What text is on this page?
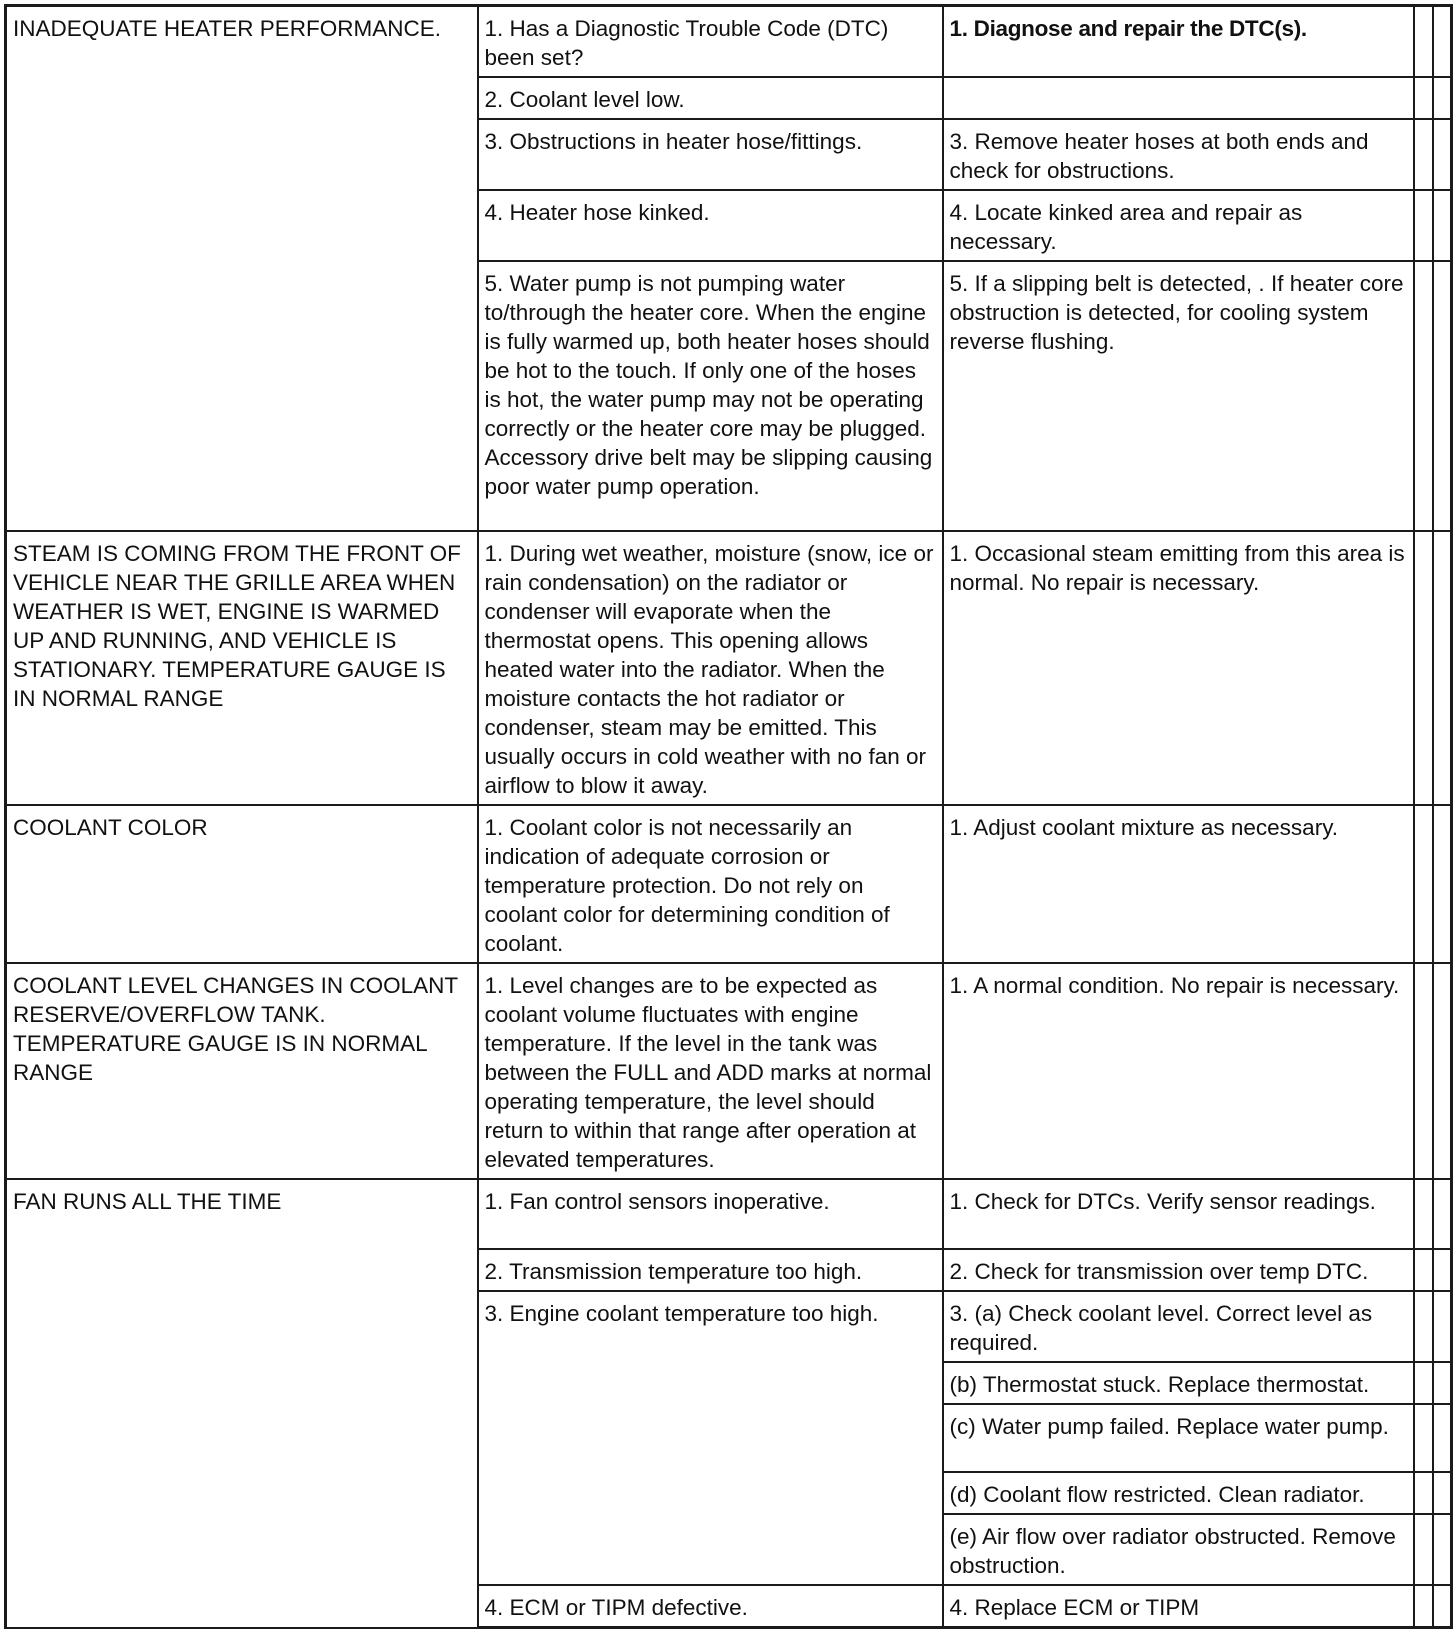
INADEQUATE HEATER PERFORMANCE.	1. Has a Diagnostic Trouble Code (DTC) been set?	1. Diagnose and repair the DTC(s).		
	2. Coolant level low.			
	3. Obstructions in heater hose/fittings.	3. Remove heater hoses at both ends and check for obstructions.		
	4. Heater hose kinked.	4. Locate kinked area and repair as necessary.		
	5. Water pump is not pumping water to/through the heater core. When the engine is fully warmed up, both heater hoses should be hot to the touch. If only one of the hoses is hot, the water pump may not be operating correctly or the heater core may be plugged. Accessory drive belt may be slipping causing poor water pump operation.	5. If a slipping belt is detected, . If heater core obstruction is detected, for cooling system reverse flushing.		
STEAM IS COMING FROM THE FRONT OF VEHICLE NEAR THE GRILLE AREA WHEN WEATHER IS WET, ENGINE IS WARMED UP AND RUNNING, AND VEHICLE IS STATIONARY. TEMPERATURE GAUGE IS IN NORMAL RANGE	1. During wet weather, moisture (snow, ice or rain condensation) on the radiator or condenser will evaporate when the thermostat opens. This opening allows heated water into the radiator. When the moisture contacts the hot radiator or condenser, steam may be emitted. This usually occurs in cold weather with no fan or airflow to blow it away.	1. Occasional steam emitting from this area is normal. No repair is necessary.		
COOLANT COLOR	1. Coolant color is not necessarily an indication of adequate corrosion or temperature protection. Do not rely on coolant color for determining condition of coolant.	1. Adjust coolant mixture as necessary.		
COOLANT LEVEL CHANGES IN COOLANT RESERVE/OVERFLOW TANK. TEMPERATURE GAUGE IS IN NORMAL RANGE	1. Level changes are to be expected as coolant volume fluctuates with engine temperature. If the level in the tank was between the FULL and ADD marks at normal operating temperature, the level should return to within that range after operation at elevated temperatures.	1. A normal condition. No repair is necessary.		
FAN RUNS ALL THE TIME	1. Fan control sensors inoperative.	1. Check for DTCs. Verify sensor readings.		
	2. Transmission temperature too high.	2. Check for transmission over temp DTC.		
	3. Engine coolant temperature too high.	3. (a) Check coolant level. Correct level as required.		
		(b) Thermostat stuck. Replace thermostat.		
		(c) Water pump failed. Replace water pump.		
		(d) Coolant flow restricted. Clean radiator.		
		(e) Air flow over radiator obstructed. Remove obstruction.		
	4. ECM or TIPM defective.	4. Replace ECM or TIPM		
